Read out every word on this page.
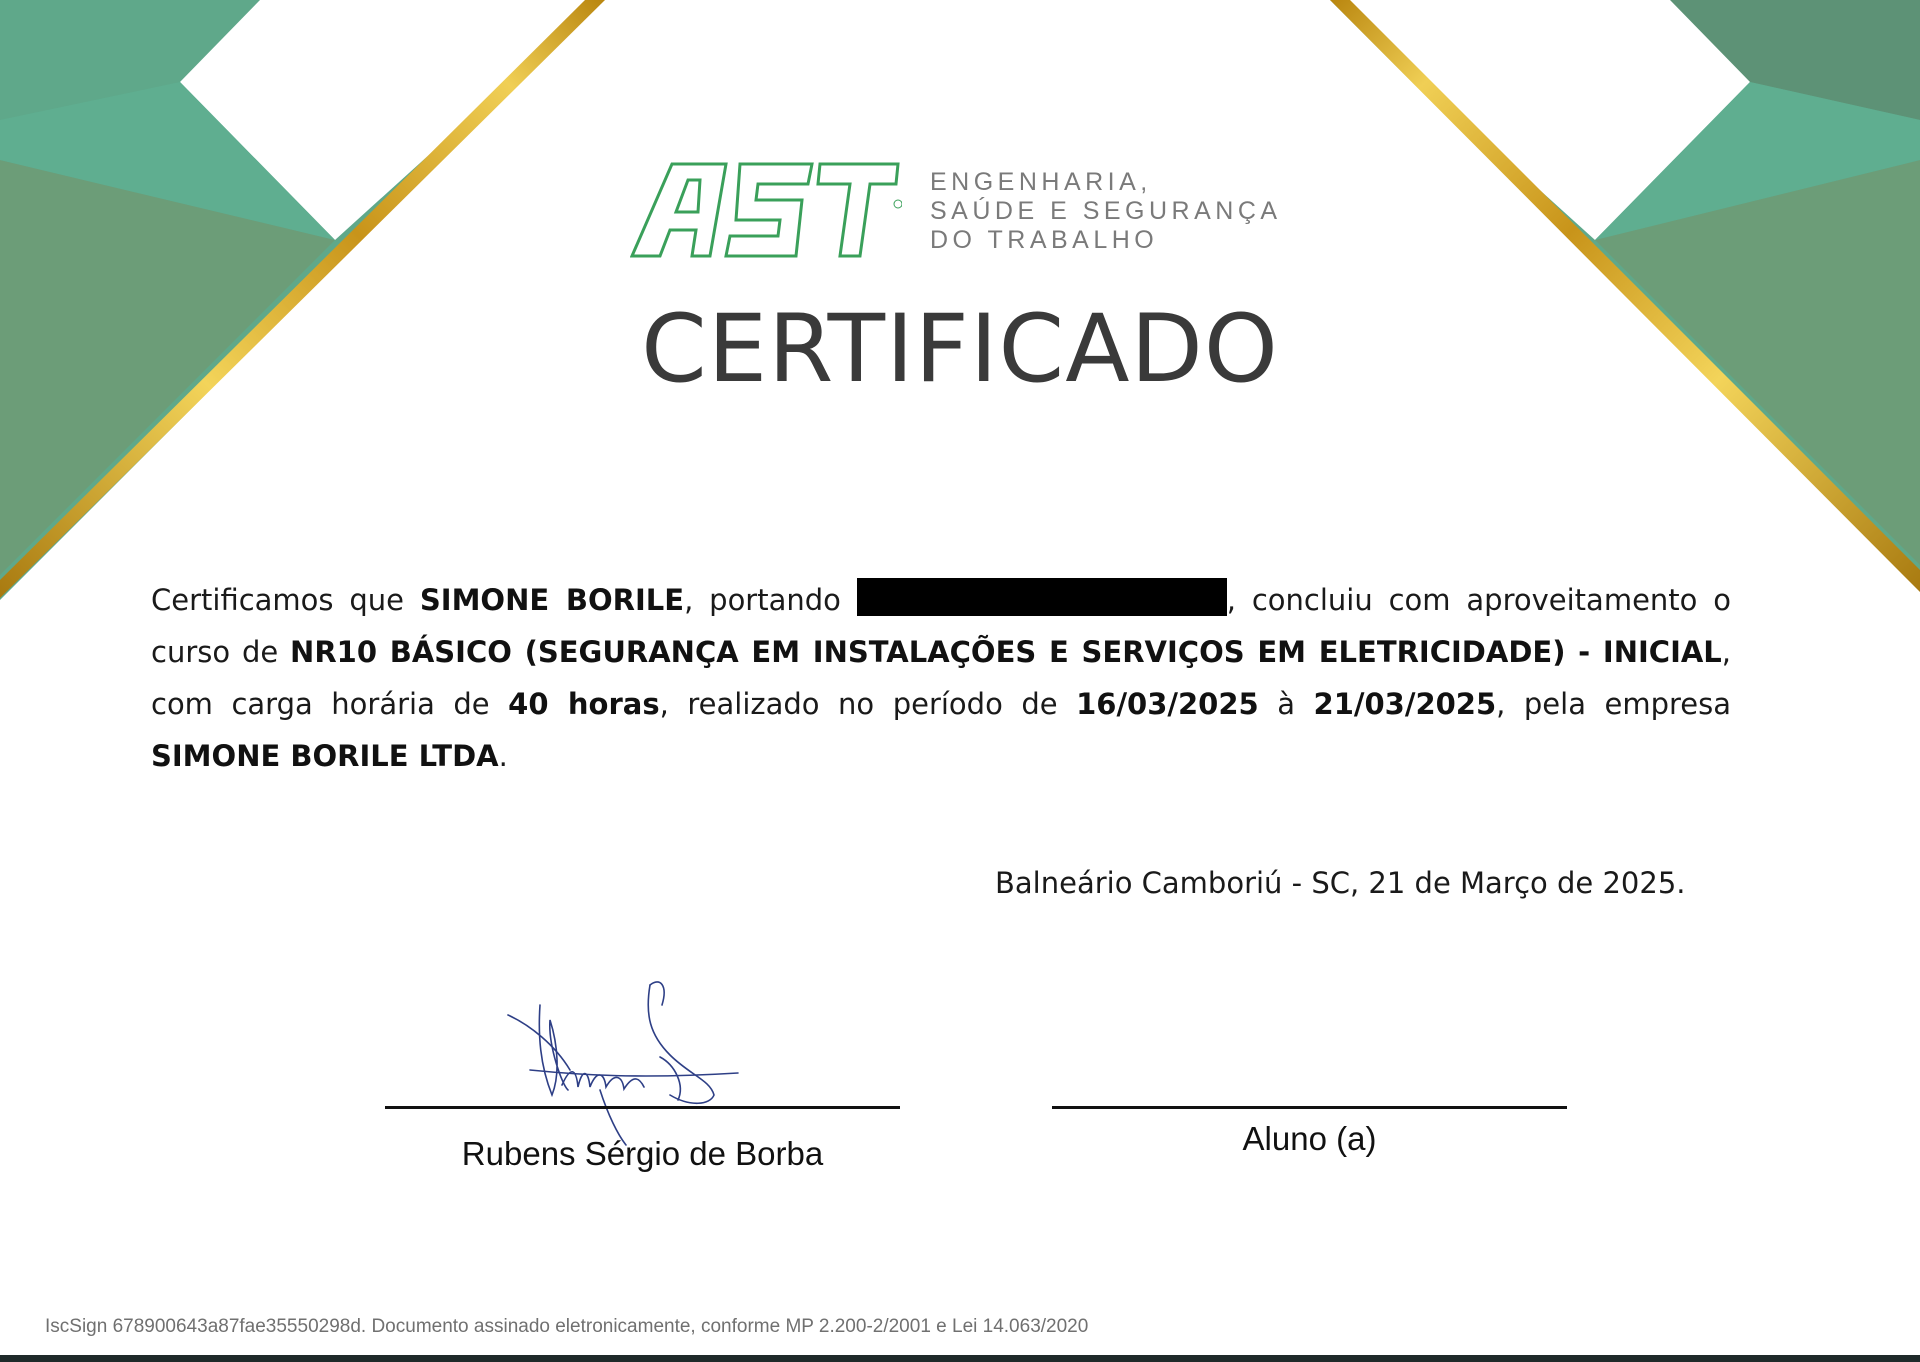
ENGENHARIA,
SAÚDE E SEGURANÇA
DO TRABALHO
CERTIFICADO
Certificamos que SIMONE BORILE, portando	, concluiu com aproveitamento o curso de NR10 BÁSICO (SEGURANÇA EM INSTALAÇÕES E SERVIÇOS EM ELETRICIDADE) - INICIAL, com carga horária de 40 horas, realizado no período de 16/03/2025 à 21/03/2025, pela empresa SIMONE BORILE LTDA.
Balneário Camboriú - SC, 21 de Março de 2025.
Rubens Sérgio de Borba	Aluno (a)
IscSign 678900643a87fae35550298d. Documento assinado eletronicamente, conforme MP 2.200-2/2001 e Lei 14.063/2020
